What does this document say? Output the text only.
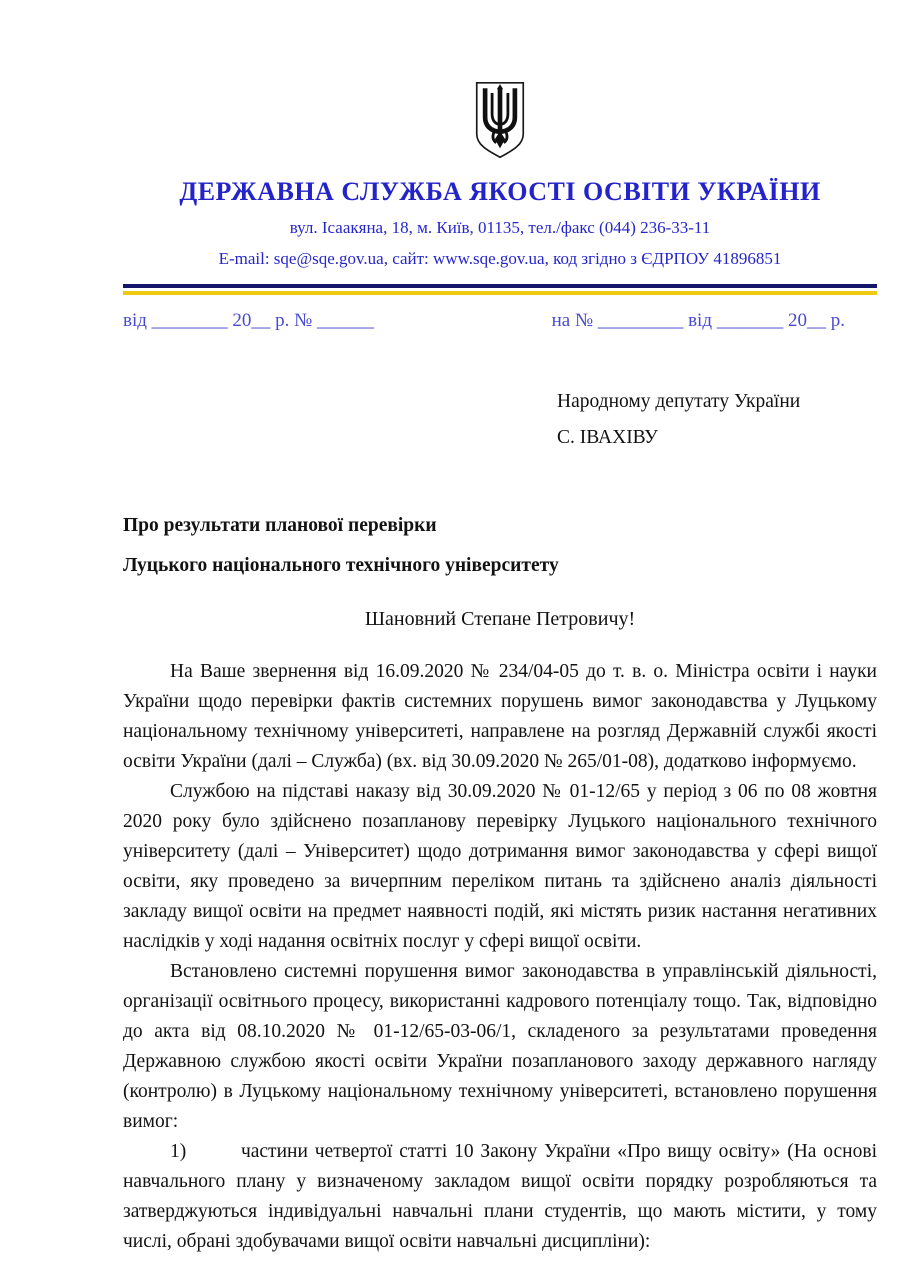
ДЕРЖАВНА СЛУЖБА ЯКОСТІ ОСВІТИ УКРАЇНИ
вул. Ісаакяна, 18, м. Київ, 01135, тел./факс (044) 236-33-11
E-mail: sqe@sqe.gov.ua, сайт: www.sqe.gov.ua, код згідно з ЄДРПОУ 41896851
від ________ 20__ р. № ______	на № _________ від _______ 20__ р.
Народному депутату України
С. ІВАХІВУ
Про результати планової перевірки
Луцького національного технічного університету
Шановний Степане Петровичу!

На Ваше звернення від 16.09.2020 № 234/04-05 до т. в. о. Міністра освіти і науки України щодо перевірки фактів системних порушень вимог законодавства у Луцькому національному технічному університеті, направлене на розгляд Державній службі якості освіти України (далі – Служба) (вх. від 30.09.2020 № 265/01-08), додатково інформуємо.

Службою на підставі наказу від 30.09.2020 № 01-12/65 у період з 06 по 08 жовтня 2020 року було здійснено позапланову перевірку Луцького національного технічного університету (далі – Університет) щодо дотримання вимог законодавства у сфері вищої освіти, яку проведено за вичерпним переліком питань та здійснено аналіз діяльності закладу вищої освіти на предмет наявності подій, які містять ризик настання негативних наслідків у ході надання освітніх послуг у сфері вищої освіти.

Встановлено системні порушення вимог законодавства в управлінській діяльності, організації освітнього процесу, використанні кадрового потенціалу тощо. Так, відповідно до акта від 08.10.2020 № 01-12/65-03-06/1, складеного за результатами проведення Державною службою якості освіти України позапланового заходу державного нагляду (контролю) в Луцькому національному технічному університеті, встановлено порушення вимог:

1)        частини четвертої статті 10 Закону України «Про вищу освіту» (На основі навчального плану у визначеному закладом вищої освіти порядку розробляються та затверджуються індивідуальні навчальні плани студентів, що мають містити, у тому числі, обрані здобувачами вищої освіти навчальні дисципліни):
